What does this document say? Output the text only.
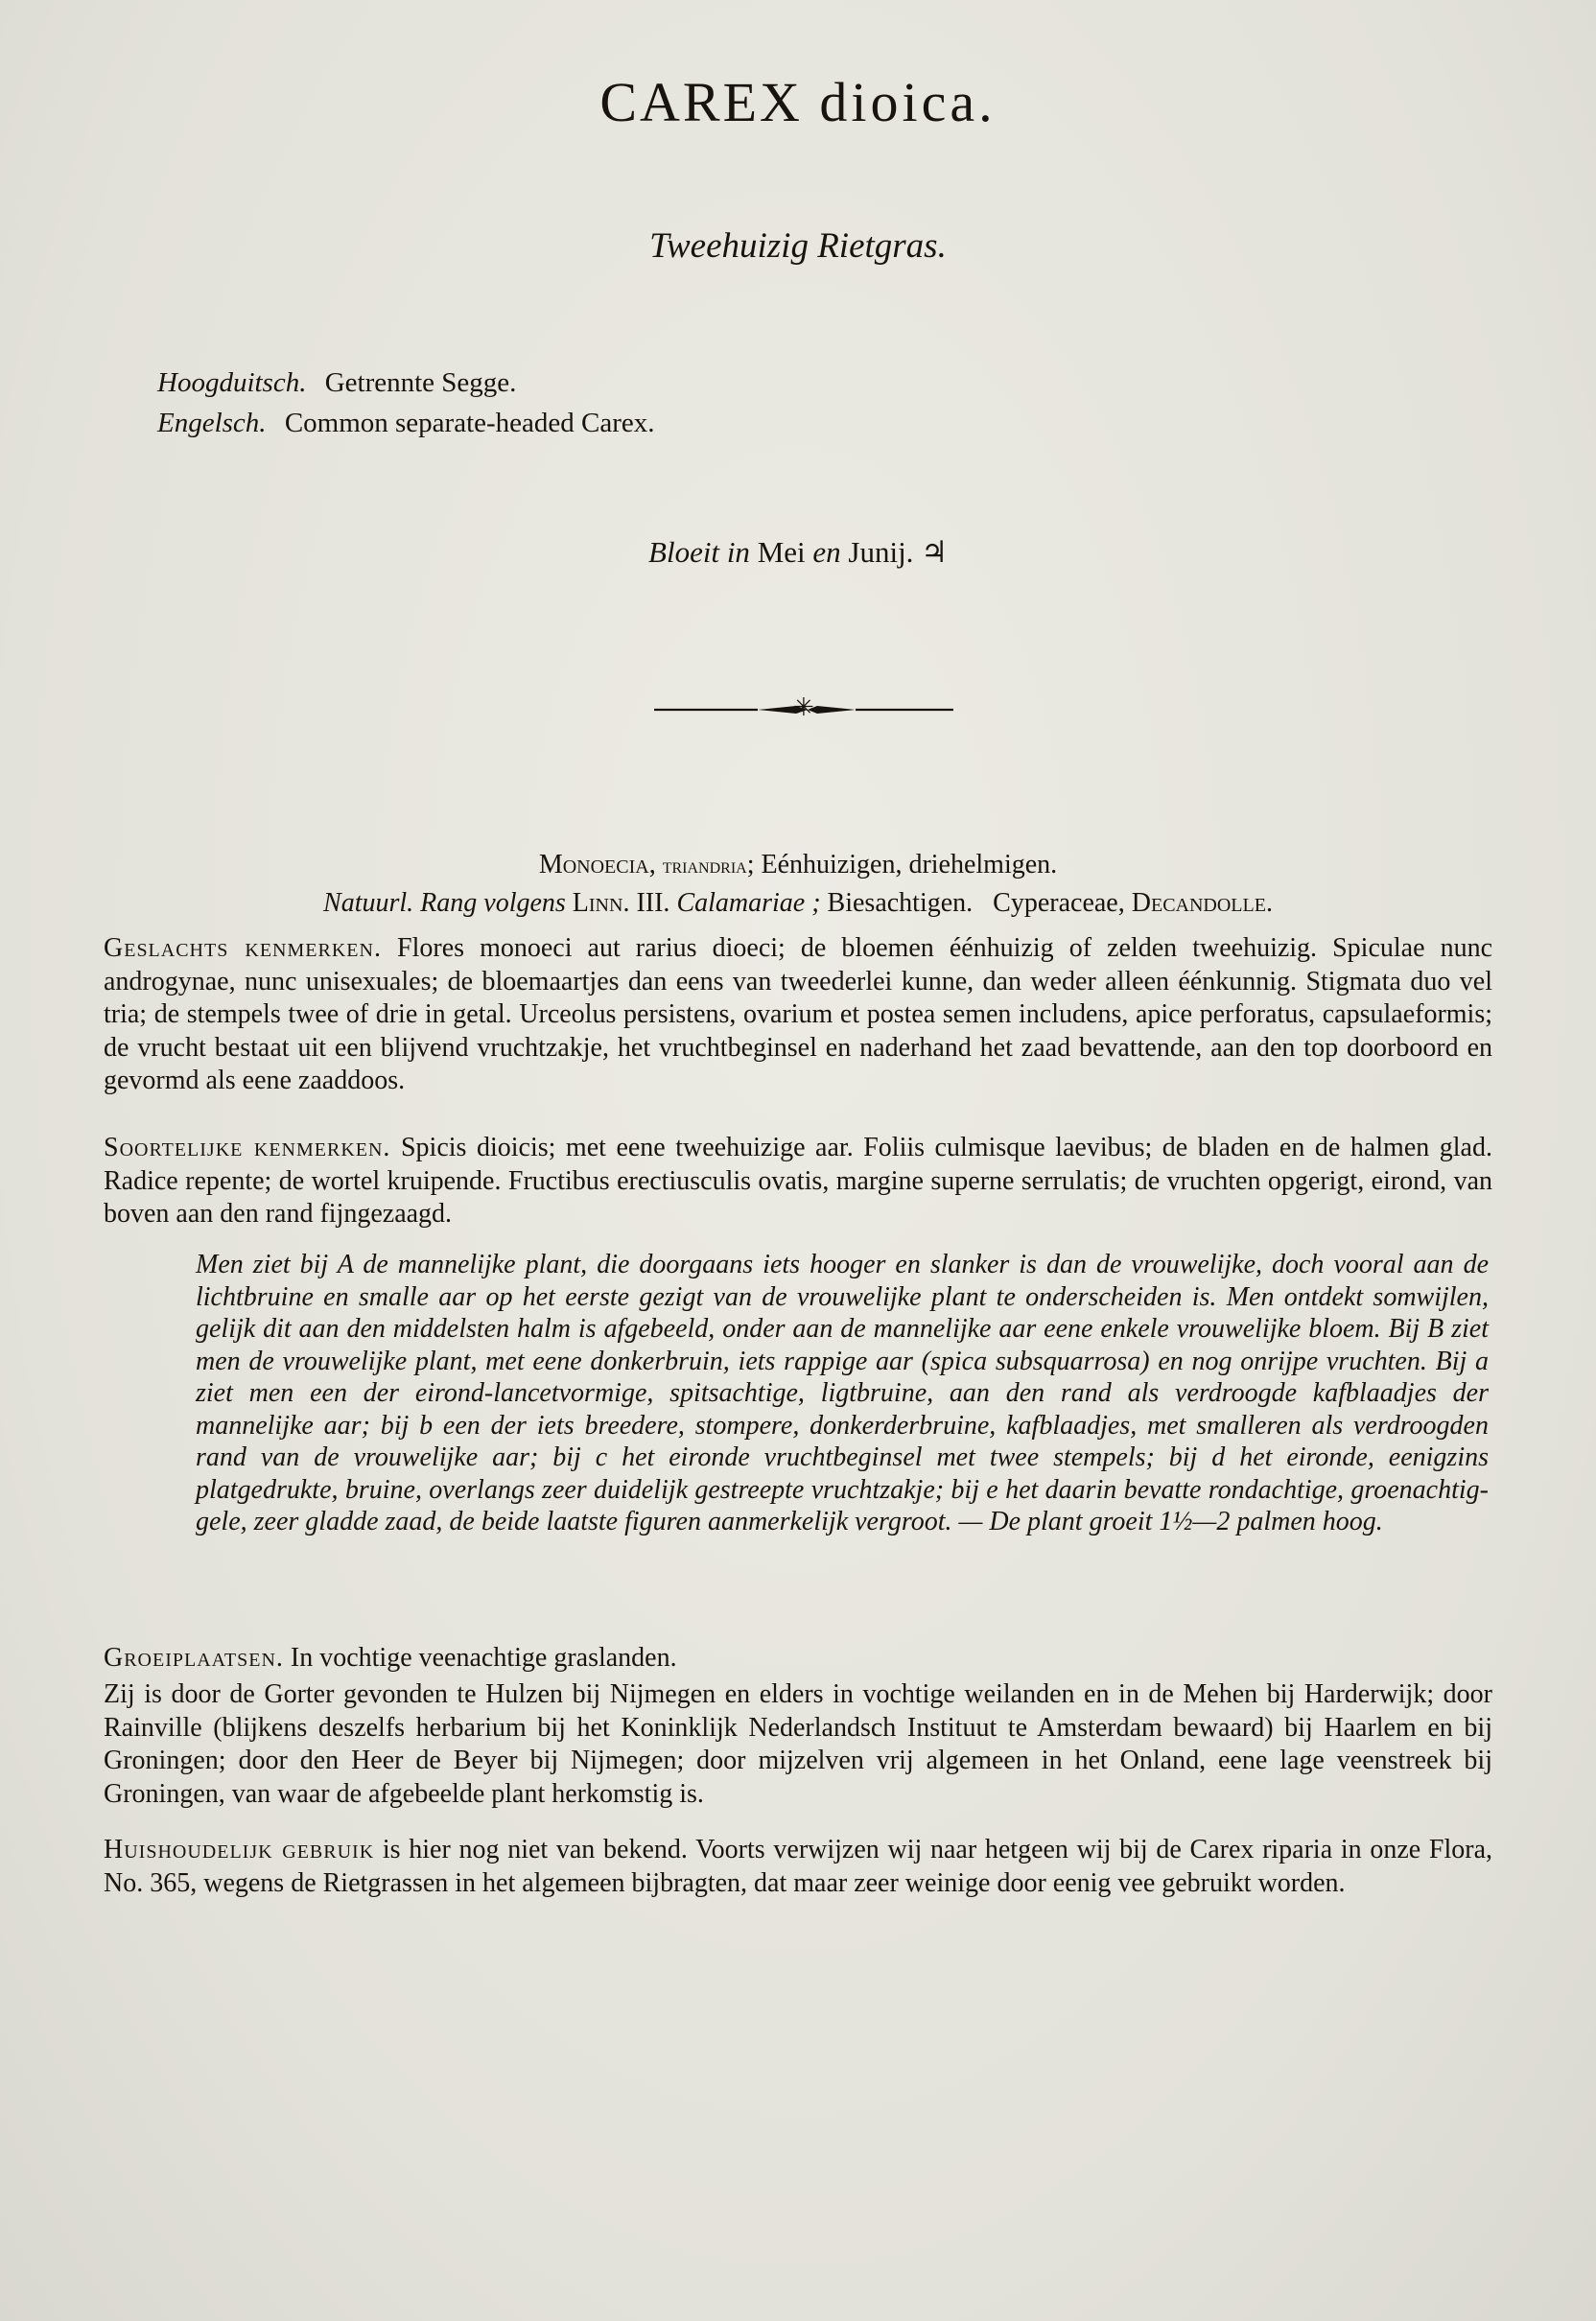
CAREX dioica.
Tweehuizig Rietgras.
Hoogduitsch. Getrennte Segge.
Engelsch. Common separate-headed Carex.
Bloeit in Mei en Junij. ♃
✳
Monoecia, triandria; Eénhuizigen, driehelmigen.
Natuurl. Rang volgens Linn. III. Calamariae ; Biesachtigen. Cyperaceae, Decandolle.
Geslachts kenmerken. Flores monoeci aut rarius dioeci; de bloemen éénhuizig of zelden tweehuizig. Spiculae nunc androgynae, nunc unisexuales; de bloemaartjes dan eens van tweederlei kunne, dan weder alleen éénkunnig. Stigmata duo vel tria; de stempels twee of drie in getal. Urceolus persistens, ovarium et postea semen includens, apice perforatus, capsulaeformis; de vrucht bestaat uit een blijvend vruchtzakje, het vruchtbeginsel en naderhand het zaad bevattende, aan den top doorboord en gevormd als eene zaaddoos.
Soortelijke kenmerken. Spicis dioicis; met eene tweehuizige aar. Foliis culmisque laevibus; de bladen en de halmen glad. Radice repente; de wortel kruipende. Fructibus erectiusculis ovatis, margine superne serrulatis; de vruchten opgerigt, eirond, van boven aan den rand fijngezaagd.
Men ziet bij A de mannelijke plant, die doorgaans iets hooger en slanker is dan de vrouwelijke, doch vooral aan de lichtbruine en smalle aar op het eerste gezigt van de vrouwelijke plant te onderscheiden is. Men ontdekt somwijlen, gelijk dit aan den middelsten halm is afgebeeld, onder aan de mannelijke aar eene enkele vrouwelijke bloem. Bij B ziet men de vrouwelijke plant, met eene donkerbruin, iets rappige aar (spica subsquarrosa) en nog onrijpe vruchten. Bij a ziet men een der eirond-lancetvormige, spitsachtige, ligtbruine, aan den rand als verdroogde kafblaadjes der mannelijke aar; bij b een der iets breedere, stompere, donkerderbruine, kafblaadjes, met smalleren als verdroogden rand van de vrouwelijke aar; bij c het eironde vruchtbeginsel met twee stempels; bij d het eironde, eenigzins platgedrukte, bruine, overlangs zeer duidelijk gestreepte vruchtzakje; bij e het daarin bevatte rondachtige, groenachtig-gele, zeer gladde zaad, de beide laatste figuren aanmerkelijk vergroot. — De plant groeit 1½—2 palmen hoog.
Groeiplaatsen. In vochtige veenachtige graslanden.
Zij is door de Gorter gevonden te Hulzen bij Nijmegen en elders in vochtige weilanden en in de Mehen bij Harderwijk; door Rainville (blijkens deszelfs herbarium bij het Koninklijk Nederlandsch Instituut te Amsterdam bewaard) bij Haarlem en bij Groningen; door den Heer de Beyer bij Nijmegen; door mijzelven vrij algemeen in het Onland, eene lage veenstreek bij Groningen, van waar de afgebeelde plant herkomstig is.
Huishoudelijk gebruik is hier nog niet van bekend. Voorts verwijzen wij naar hetgeen wij bij de Carex riparia in onze Flora, No. 365, wegens de Rietgrassen in het algemeen bijbragten, dat maar zeer weinige door eenig vee gebruikt worden.
